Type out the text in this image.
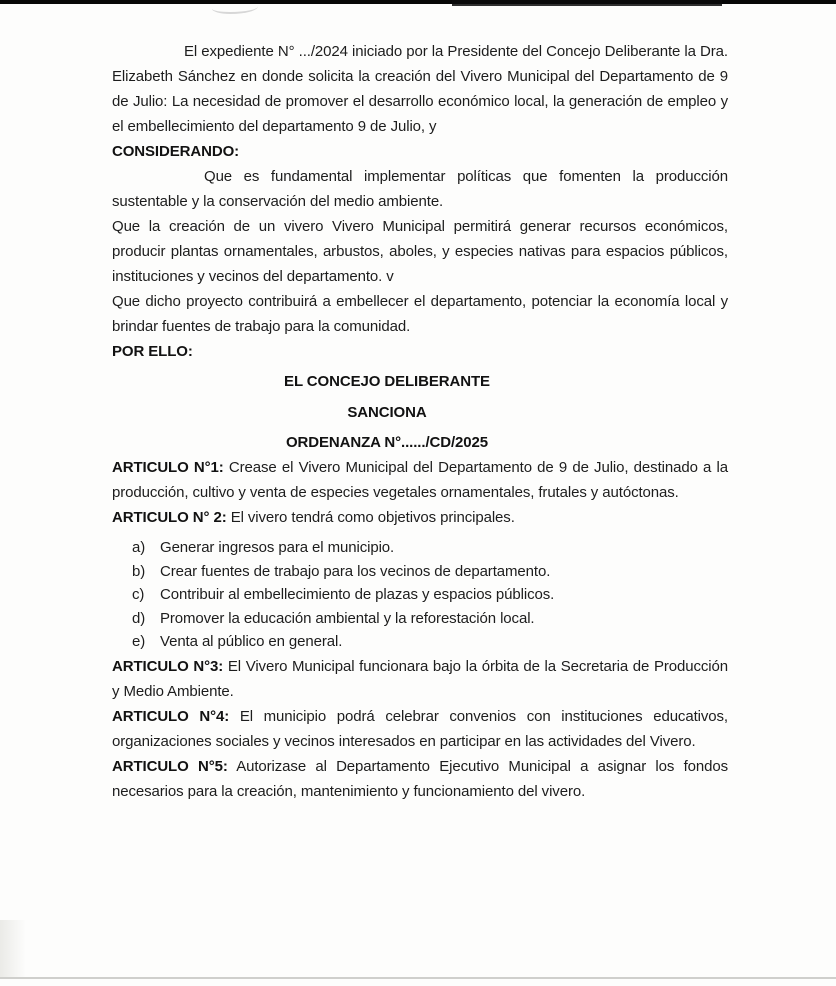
El expediente N° .../2024 iniciado por la Presidente del Concejo Deliberante la Dra. Elizabeth Sánchez en donde solicita la creación del Vivero Municipal del Departamento de 9 de Julio: La necesidad de promover el desarrollo económico local, la generación de empleo y el embellecimiento del departamento 9 de Julio, y

CONSIDERANDO:

Que es fundamental implementar políticas que fomenten la producción sustentable y la conservación del medio ambiente.

Que la creación de un vivero Vivero Municipal permitirá generar recursos económicos, producir plantas ornamentales, arbustos, aboles, y especies nativas para espacios públicos, instituciones y vecinos del departamento. v

Que dicho proyecto contribuirá a embellecer el departamento, potenciar la economía local y brindar fuentes de trabajo para la comunidad.

POR ELLO:

EL CONCEJO DELIBERANTE

SANCIONA

ORDENANZA N°....../CD/2025

ARTICULO N°1: Crease el Vivero Municipal del Departamento de 9 de Julio, destinado a la producción, cultivo y venta de especies vegetales ornamentales, frutales y autóctonas.

ARTICULO N° 2: El vivero tendrá como objetivos principales.

a) Generar ingresos para el municipio.
b) Crear fuentes de trabajo para los vecinos de departamento.
c)	Contribuir al embellecimiento de plazas y espacios públicos.
d) Promover la educación ambiental y la reforestación local.
e) Venta al público en general.

ARTICULO N°3: El Vivero Municipal funcionara bajo la órbita de la Secretaria de Producción y Medio Ambiente.

ARTICULO N°4: El municipio podrá celebrar convenios con instituciones educativos, organizaciones sociales y vecinos interesados en participar en las actividades del Vivero.

ARTICULO N°5: Autorizase al Departamento Ejecutivo Municipal a asignar los fondos necesarios para la creación, mantenimiento y funcionamiento del vivero.
